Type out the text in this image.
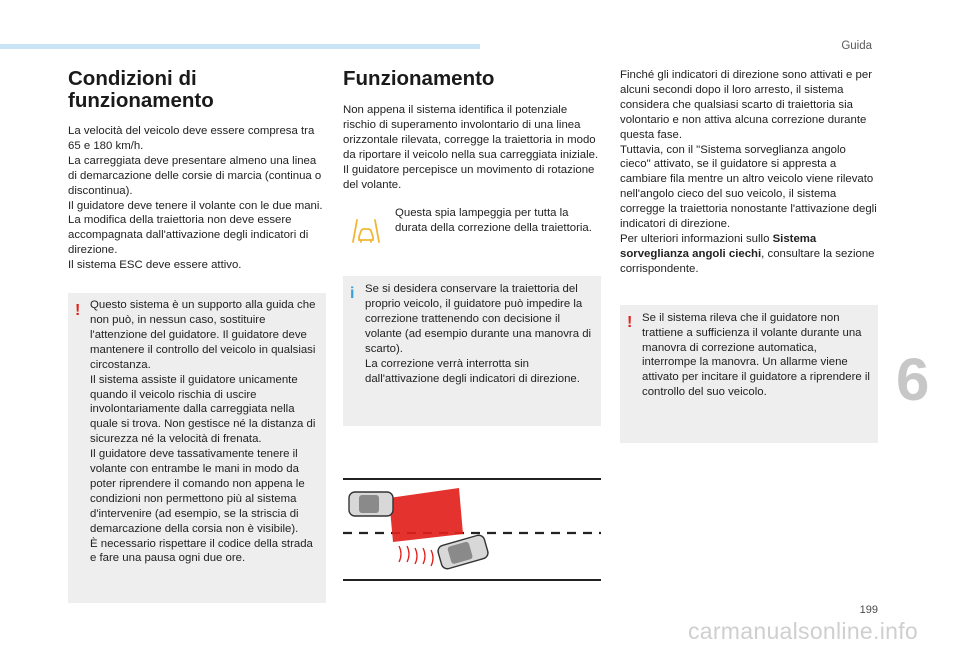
Guida
Condizioni di funzionamento

La velocità del veicolo deve essere compresa tra 65 e 180 km/h.

La carreggiata deve presentare almeno una linea di demarcazione delle corsie di marcia (continua o discontinua).

Il guidatore deve tenere il volante con le due mani.

La modifica della traiettoria non deve essere accompagnata dall'attivazione degli indicatori di direzione.

Il sistema ESC deve essere attivo.

! Questo sistema è un supporto alla guida che non può, in nessun caso, sostituire l'attenzione del guidatore. Il guidatore deve mantenere il controllo del veicolo in qualsiasi circostanza.

Il sistema assiste il guidatore unicamente quando il veicolo rischia di uscire involontariamente dalla carreggiata nella quale si trova. Non gestisce né la distanza di sicurezza né la velocità di frenata.

Il guidatore deve tassativamente tenere il volante con entrambe le mani in modo da poter riprendere il comando non appena le condizioni non permettono più al sistema d'intervenire (ad esempio, se la striscia di demarcazione della corsia non è visibile).

È necessario rispettare il codice della strada e fare una pausa ogni due ore.

Funzionamento

Non appena il sistema identifica il potenziale rischio di superamento involontario di una linea orizzontale rilevata, corregge la traiettoria in modo da riportare il veicolo nella sua carreggiata iniziale.

Il guidatore percepisce un movimento di rotazione del volante.

Questa spia lampeggia per tutta la durata della correzione della traiettoria.
i Se si desidera conservare la traiettoria del proprio veicolo, il guidatore può impedire la correzione trattenendo con decisione il volante (ad esempio durante una manovra di scarto).

La correzione verrà interrotta sin dall'attivazione degli indicatori di direzione.

Finché gli indicatori di direzione sono attivati e per alcuni secondi dopo il loro arresto, il sistema considera che qualsiasi scarto di traiettoria sia volontario e non attiva alcuna correzione durante questa fase.

Tuttavia, con il "Sistema sorveglianza angolo cieco" attivato, se il guidatore si appresta a cambiare fila mentre un altro veicolo viene rilevato nell'angolo cieco del suo veicolo, il sistema corregge la traiettoria nonostante l'attivazione degli indicatori di direzione.

Per ulteriori informazioni sullo Sistema sorveglianza angoli ciechi, consultare la sezione corrispondente.

! Se il sistema rileva che il guidatore non trattiene a sufficienza il volante durante una manovra di correzione automatica, interrompe la manovra. Un allarme viene attivato per incitare il guidatore a riprendere il controllo del suo veicolo.	6
199
carmanualsonline.info
